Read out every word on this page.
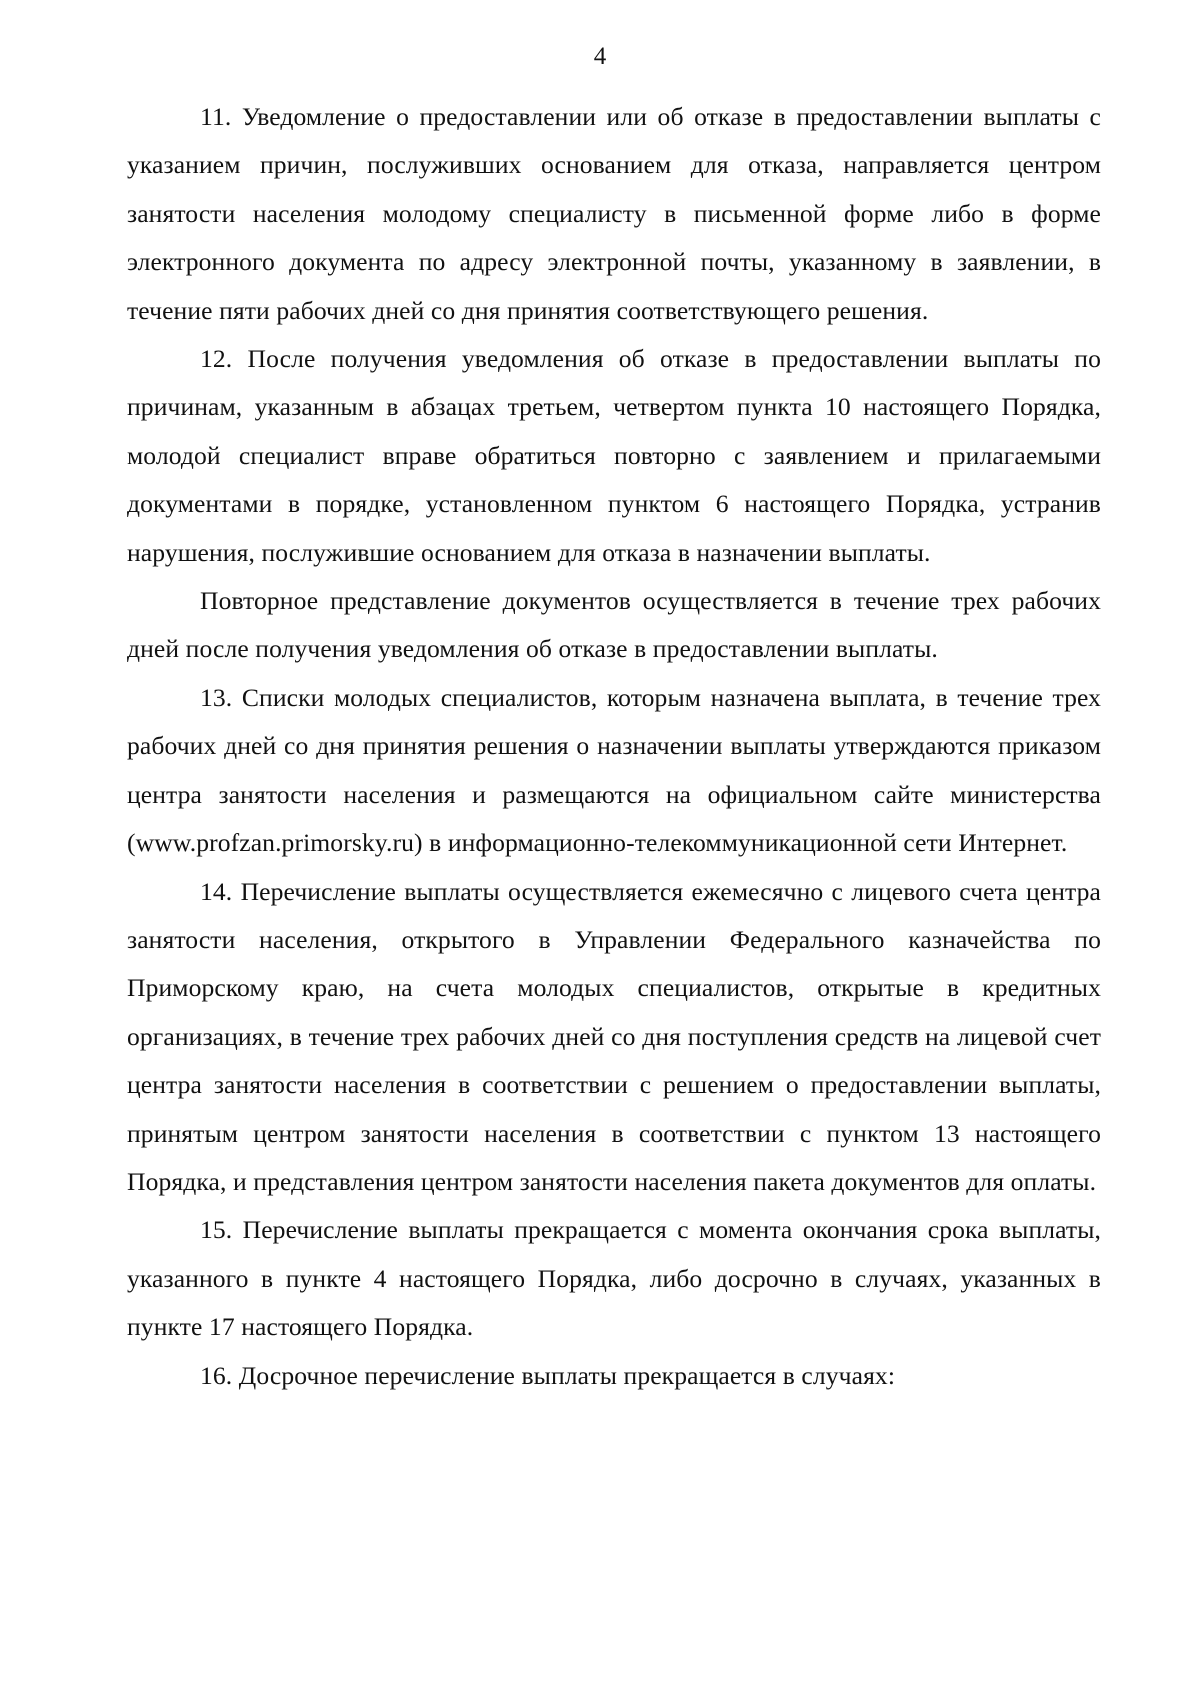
4

11. Уведомление о предоставлении или об отказе в предоставлении выплаты с указанием причин, послуживших основанием для отказа, направляется центром занятости населения молодому специалисту в письменной форме либо в форме электронного документа по адресу электронной почты, указанному в заявлении, в течение пяти рабочих дней со дня принятия соответствующего решения.

12. После получения уведомления об отказе в предоставлении выплаты по причинам, указанным в абзацах третьем, четвертом пункта 10 настоящего Порядка, молодой специалист вправе обратиться повторно с заявлением и прилагаемыми документами в порядке, установленном пунктом 6 настоящего Порядка, устранив нарушения, послужившие основанием для отказа в назначении выплаты.

Повторное представление документов осуществляется в течение трех рабочих дней после получения уведомления об отказе в предоставлении выплаты.

13. Списки молодых специалистов, которым назначена выплата, в течение трех рабочих дней со дня принятия решения о назначении выплаты утверждаются приказом центра занятости населения и размещаются на официальном сайте министерства (www.profzan.primorsky.ru) в информационно-телекоммуникационной сети Интернет.

14. Перечисление выплаты осуществляется ежемесячно с лицевого счета центра занятости населения, открытого в Управлении Федерального казначейства по Приморскому краю, на счета молодых специалистов, открытые в кредитных организациях, в течение трех рабочих дней со дня поступления средств на лицевой счет центра занятости населения в соответствии с решением о предоставлении выплаты, принятым центром занятости населения в соответствии с пунктом 13 настоящего Порядка, и представления центром занятости населения пакета документов для оплаты.

15. Перечисление выплаты прекращается с момента окончания срока выплаты, указанного в пункте 4 настоящего Порядка, либо досрочно в случаях, указанных в пункте 17 настоящего Порядка.

16. Досрочное перечисление выплаты прекращается в случаях:
